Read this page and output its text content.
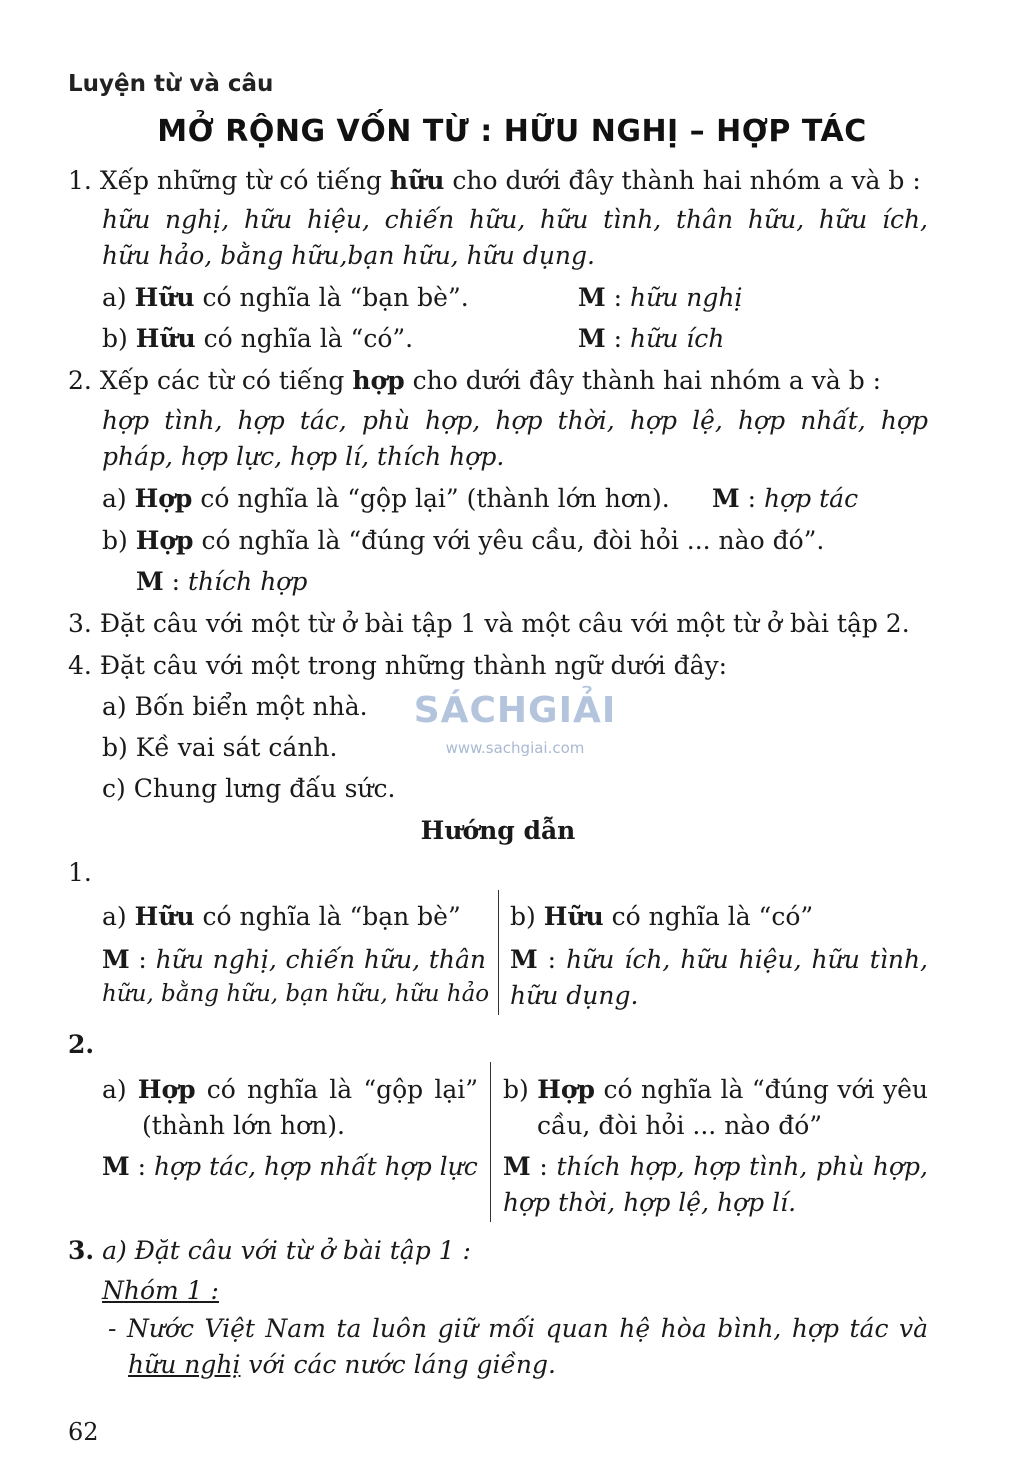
Luyện từ và câu
MỞ RỘNG VỐN TỪ : HỮU NGHỊ – HỢP TÁC
1. Xếp những từ có tiếng hữu cho dưới đây thành hai nhóm a và b :
hữu nghị, hữu hiệu, chiến hữu, hữu tình, thân hữu, hữu ích,
hữu hảo, bằng hữu,bạn hữu, hữu dụng.
a) Hữu có nghĩa là “bạn bè”.	M : hữu nghị
b) Hữu có nghĩa là “có”.	M : hữu ích
2. Xếp các từ có tiếng hợp cho dưới đây thành hai nhóm a và b :
hợp tình, hợp tác, phù hợp, hợp thời, hợp lệ, hợp nhất, hợp
pháp, hợp lực, hợp lí, thích hợp.
a) Hợp có nghĩa là “gộp lại” (thành lớn hơn). M : hợp tác
b) Hợp có nghĩa là “đúng với yêu cầu, đòi hỏi ... nào đó”.
M : thích hợp
3. Đặt câu với một từ ở bài tập 1 và một câu với một từ ở bài tập 2.
4. Đặt câu với một trong những thành ngữ dưới đây:
a) Bốn biển một nhà.
b) Kề vai sát cánh.
c) Chung lưng đấu sức.
SÁCHGIẢI
www.sachgiai.com
Hướng dẫn
1.
a) Hữu có nghĩa là “bạn bè”
M : hữu nghị, chiến hữu, thân
hữu, bằng hữu, bạn hữu, hữu hảo
b) Hữu có nghĩa là “có”
M : hữu ích, hữu hiệu, hữu tình,
hữu dụng.
2.
a) Hợp có nghĩa là “gộp lại”
(thành lớn hơn).
M : hợp tác, hợp nhất hợp lực
b) Hợp có nghĩa là “đúng với yêu
cầu, đòi hỏi ... nào đó”
M : thích hợp, hợp tình, phù hợp,
hợp thời, hợp lệ, hợp lí.
3. a) Đặt câu với từ ở bài tập 1 :
Nhóm 1 :
- Nước Việt Nam ta luôn giữ mối quan hệ hòa bình, hợp tác và
hữu nghị với các nước láng giềng.
62
